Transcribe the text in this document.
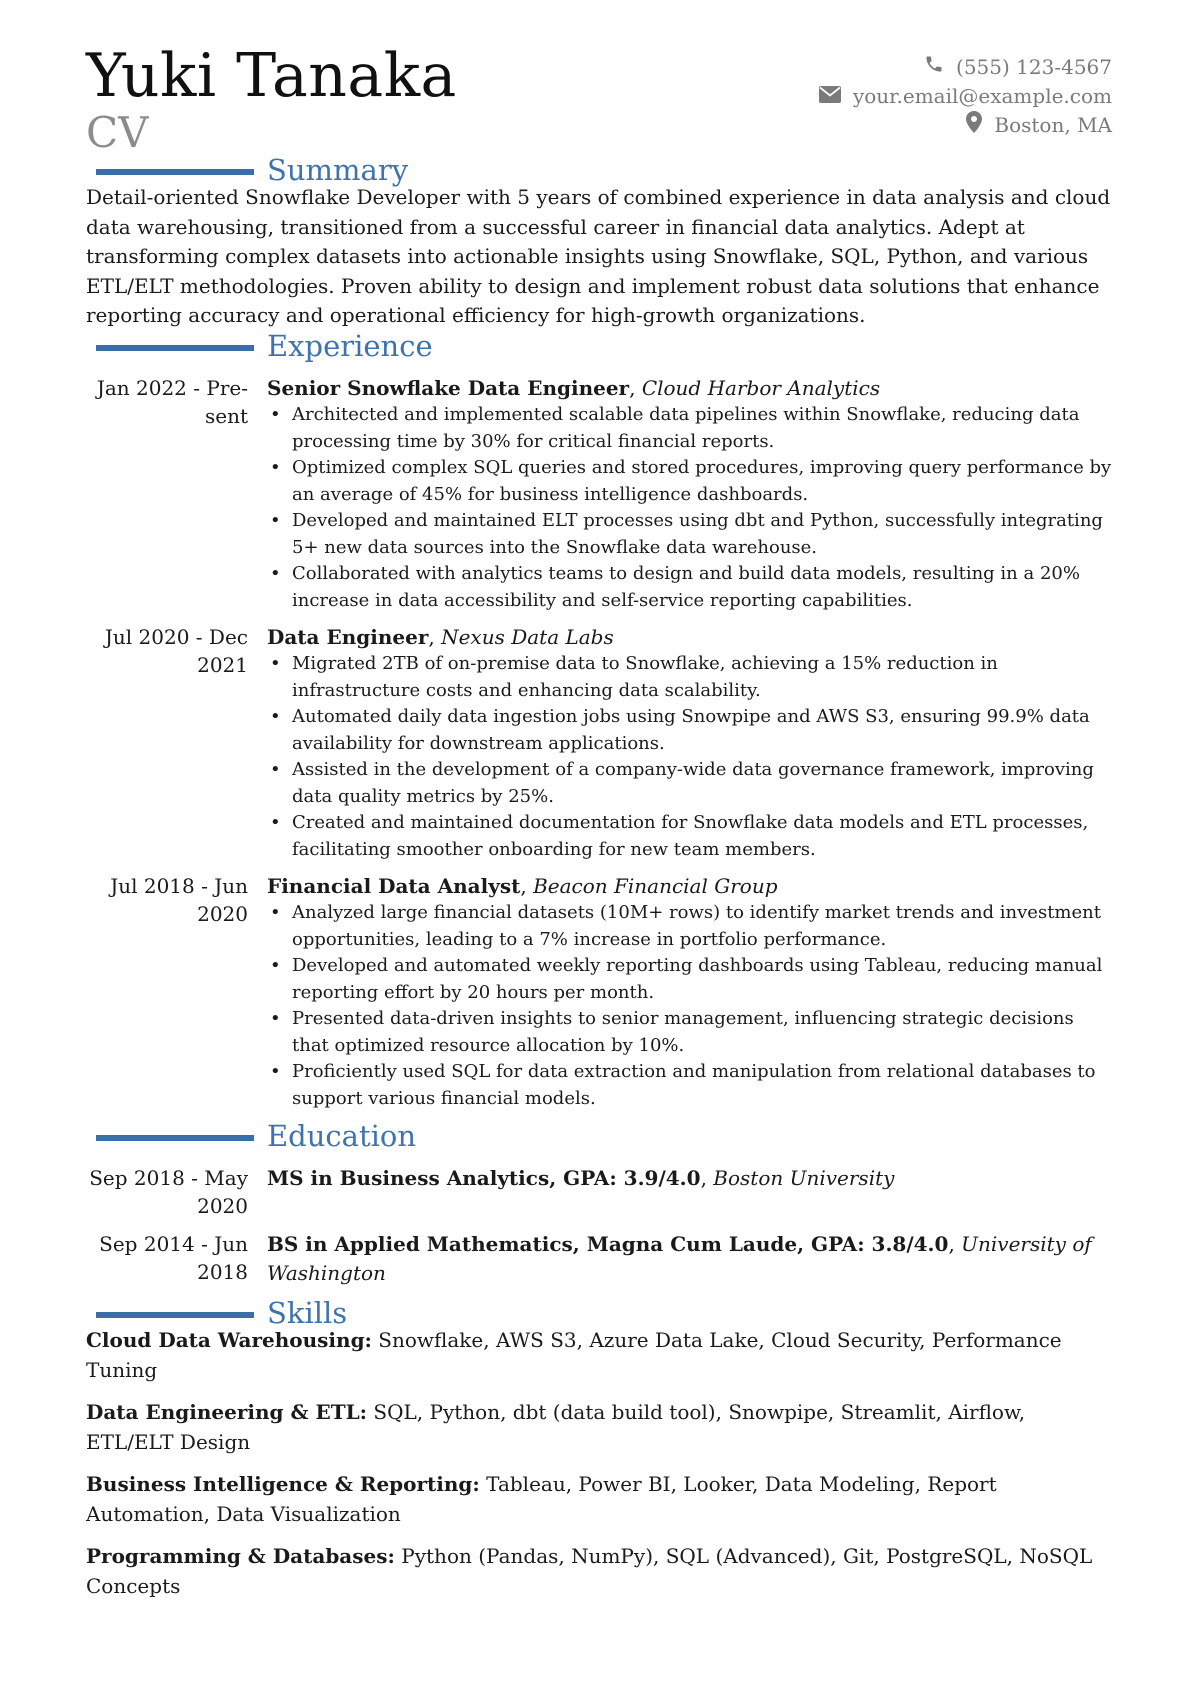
Yuki Tanaka
CV
(555) 123-4567
your.email@example.com
Boston, MA
Summary

Detail-oriented Snowflake Developer with 5 years of combined experience in data analysis and cloud data warehousing, transitioned from a successful career in financial data analytics. Adept at transforming complex datasets into actionable insights using Snowflake, SQL, Python, and various ETL/ELT methodologies. Proven ability to design and implement robust data solutions that enhance reporting accuracy and operational efficiency for high-growth organizations.

Experience
Jan 2022 - Pre-
sent
Senior Snowflake Data Engineer, Cloud Harbor Analytics
• Architected and implemented scalable data pipelines within Snowflake, reducing data processing time by 30% for critical financial reports.
• Optimized complex SQL queries and stored procedures, improving query performance by an average of 45% for business intelligence dashboards.
• Developed and maintained ELT processes using dbt and Python, successfully integrating 5+ new data sources into the Snowflake data warehouse.
• Collaborated with analytics teams to design and build data models, resulting in a 20% increase in data accessibility and self-service reporting capabilities.
Jul 2020 - Dec
2021
Data Engineer, Nexus Data Labs
• Migrated 2TB of on-premise data to Snowflake, achieving a 15% reduction in infrastructure costs and enhancing data scalability.
• Automated daily data ingestion jobs using Snowpipe and AWS S3, ensuring 99.9% data availability for downstream applications.
• Assisted in the development of a company-wide data governance framework, improving data quality metrics by 25%.
• Created and maintained documentation for Snowflake data models and ETL processes, facilitating smoother onboarding for new team members.
Jul 2018 - Jun
2020
Financial Data Analyst, Beacon Financial Group
• Analyzed large financial datasets (10M+ rows) to identify market trends and investment opportunities, leading to a 7% increase in portfolio performance.
• Developed and automated weekly reporting dashboards using Tableau, reducing manual reporting effort by 20 hours per month.
• Presented data-driven insights to senior management, influencing strategic decisions that optimized resource allocation by 10%.
• Proficiently used SQL for data extraction and manipulation from relational databases to support various financial models.
Education
Sep 2018 - May
2020
MS in Business Analytics, GPA: 3.9/4.0, Boston University
Sep 2014 - Jun
2018
BS in Applied Mathematics, Magna Cum Laude, GPA: 3.8/4.0, University of Washington
Skills

Cloud Data Warehousing: Snowflake, AWS S3, Azure Data Lake, Cloud Security, Performance Tuning

Data Engineering & ETL: SQL, Python, dbt (data build tool), Snowpipe, Streamlit, Airflow, ETL/ELT Design

Business Intelligence & Reporting: Tableau, Power BI, Looker, Data Modeling, Report Automation, Data Visualization

Programming & Databases: Python (Pandas, NumPy), SQL (Advanced), Git, PostgreSQL, NoSQL Concepts
